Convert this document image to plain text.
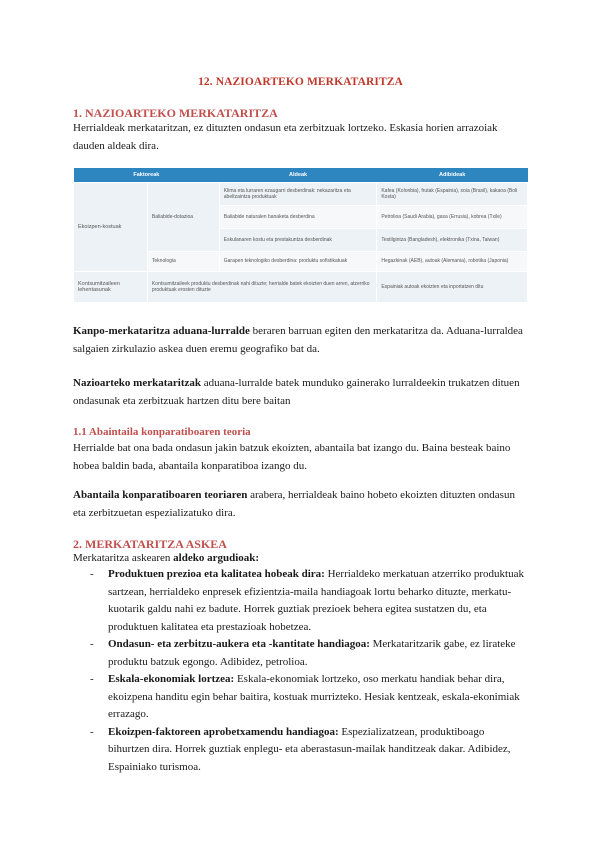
12. NAZIOARTEKO MERKATARITZA
1. NAZIOARTEKO MERKATARITZA

Herrialdeak merkataritzan, ez dituzten ondasun eta zerbitzuak lortzeko. Eskasia horien arrazoiak dauden aldeak dira.

Faktoreak		Aldeak	Adibideak
Ekoizpen-kostuak	Baliabide-dotazioa	Klima eta lurraren ezaugarri desberdinak: nekazaritza eta abeltzaintza produktuak	Kafea (Kolonbia), frutak (Espainia), soia (Brasil), kakaoa (Boli Kosta)
		Baliabide naturalen banaketa desberdina	Petrolioa (Saudi Arabia), gasa (Errusia), kobrea (Txile)
		Eskulanaren kostu eta prestakuntza desberdinak	Testilgintza (Bangladesh), elektronika (Txina, Taiwan)
	Teknologia	Garapen teknologiko desberdina: produktu sofistikatuak	Hegazkinak (AEB), autoak (Alemania), robotika (Japonia)
Kontsumitzaileen lehentasunak	Kontsumitzaileek produktu desberdinak nahi dituzte; herrialde batek ekoizten duen arren, atzerriko produktuak erosten dituzte		Espainiak autoak ekoizten eta inportatzen ditu

Kanpo-merkataritza aduana-lurralde beraren barruan egiten den merkataritza da. Aduana-lurraldea salgaien zirkulazio askea duen eremu geografiko bat da.

Nazioarteko merkataritzak aduana-lurralde batek munduko gainerako lurraldeekin trukatzen dituen ondasunak eta zerbitzuak hartzen ditu bere baitan

1.1 Abaintaila konparatiboaren teoria

Herrialde bat ona bada ondasun jakin batzuk ekoizten, abantaila bat izango du. Baina besteak baino hobea baldin bada, abantaila konparatiboa izango du.

Abantaila konparatiboaren teoriaren arabera, herrialdeak baino hobeto ekoizten dituzten ondasun eta zerbitzuetan espezializatuko dira.

2. MERKATARITZA ASKEA

Merkataritza askearen aldeko argudioak:

- Produktuen prezioa eta kalitatea hobeak dira: Herrialdeko merkatuan atzerriko produktuak sartzean, herrialdeko enpresek efizientzia-maila handiagoak lortu beharko dituzte, merkatu-kuotarik galdu nahi ez badute. Horrek guztiak prezioek behera egitea sustatzen du, eta produktuen kalitatea eta prestazioak hobetzea.
- Ondasun- eta zerbitzu-aukera eta -kantitate handiagoa: Merkataritzarik gabe, ez lirateke produktu batzuk egongo. Adibidez, petrolioa.
- Eskala-ekonomiak lortzea: Eskala-ekonomiak lortzeko, oso merkatu handiak behar dira, ekoizpena handitu egin behar baitira, kostuak murrizteko. Hesiak kentzeak, eskala-ekonimiak errazago.
- Ekoizpen-faktoreen aprobetxamendu handiagoa: Espezializatzean, produktiboago bihurtzen dira. Horrek guztiak enplegu- eta aberastasun-mailak handitzeak dakar. Adibidez, Espainiako turismoa.
